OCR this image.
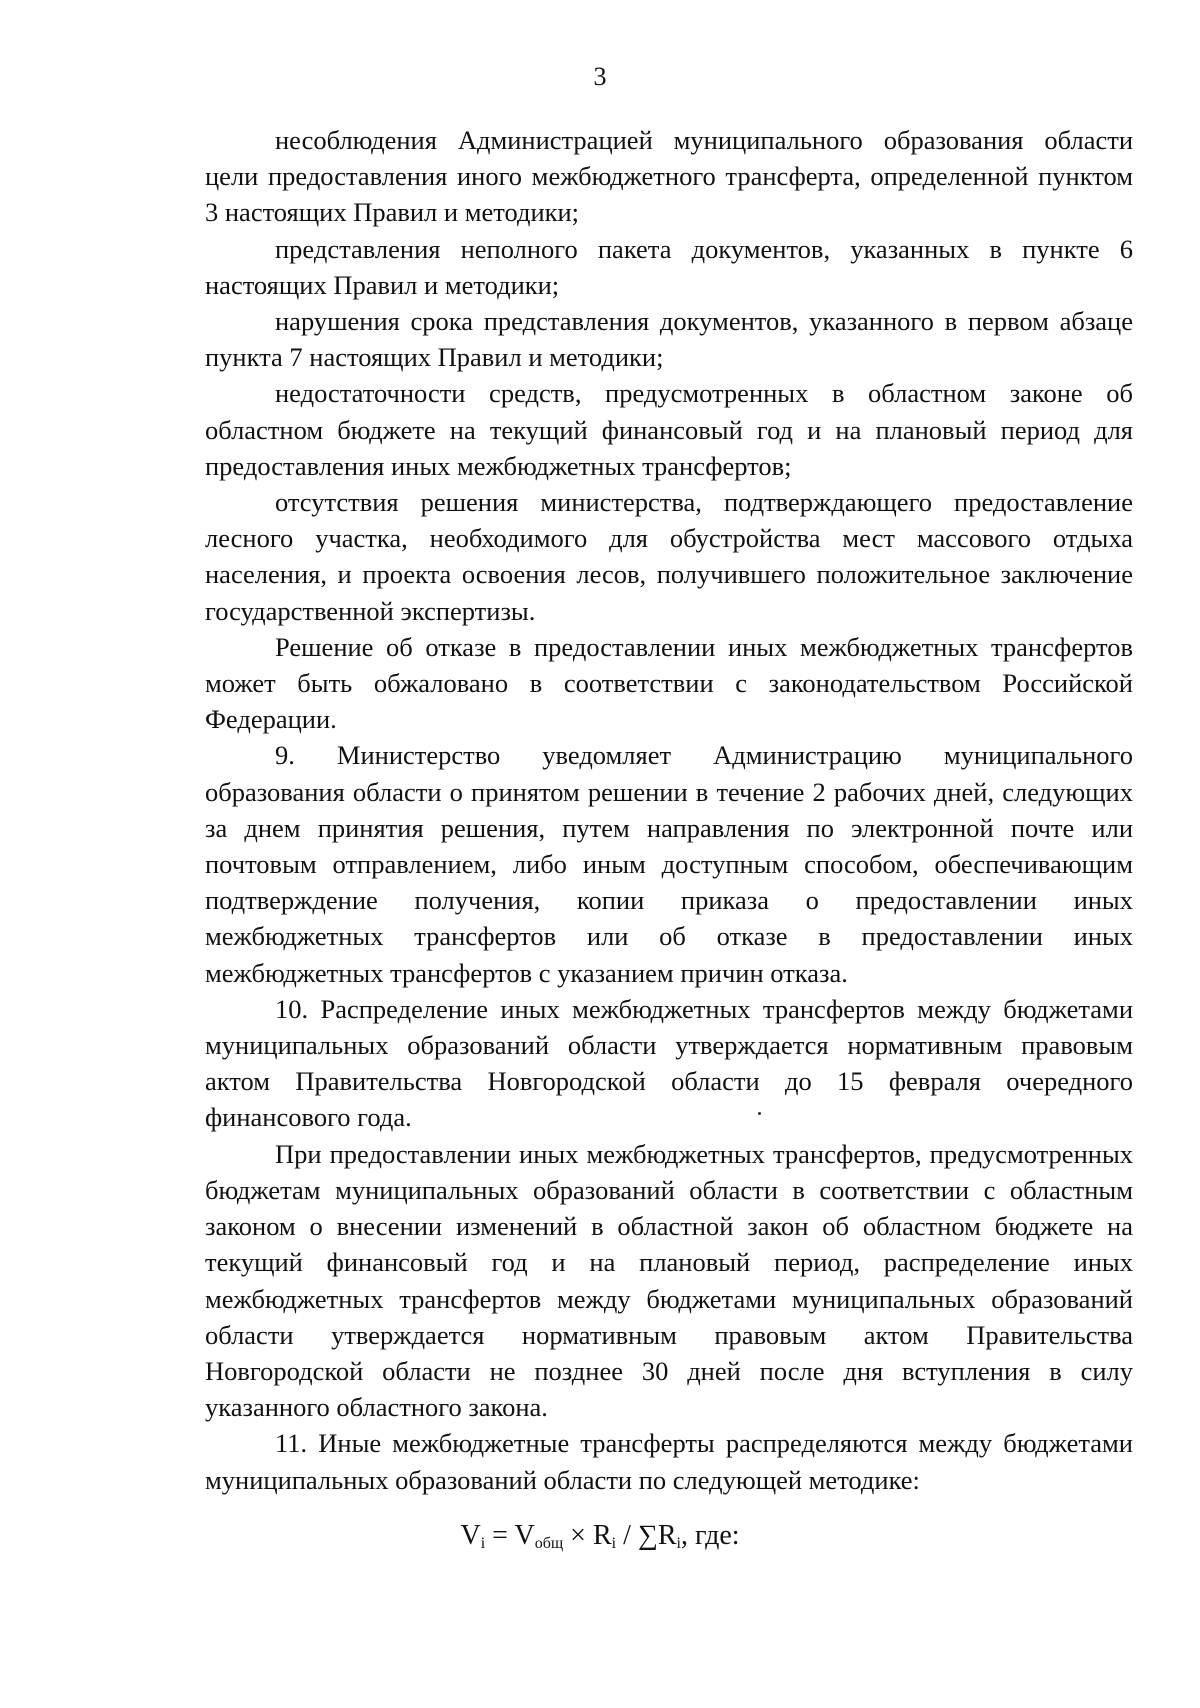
3

несоблюдения Администрацией муниципального образования области цели предоставления иного межбюджетного трансферта, определенной пунктом 3 настоящих Правил и методики;

представления неполного пакета документов, указанных в пункте 6 настоящих Правил и методики;

нарушения срока представления документов, указанного в первом абзаце пункта 7 настоящих Правил и методики;

недостаточности средств, предусмотренных в областном законе об областном бюджете на текущий финансовый год и на плановый период для предоставления иных межбюджетных трансфертов;

отсутствия решения министерства, подтверждающего предоставление лесного участка, необходимого для обустройства мест массового отдыха населения, и проекта освоения лесов, получившего положительное заключение государственной экспертизы.

Решение об отказе в предоставлении иных межбюджетных трансфертов может быть обжаловано в соответствии с законодательством Российской Федерации.

9. Министерство уведомляет Администрацию муниципального образования области о принятом решении в течение 2 рабочих дней, следующих за днем принятия решения, путем направления по электронной почте или почтовым отправлением, либо иным доступным способом, обеспечивающим подтверждение получения, копии приказа о предоставлении иных межбюджетных трансфертов или об отказе в предоставлении иных межбюджетных трансфертов с указанием причин отказа.

10. Распределение иных межбюджетных трансфертов между бюджетами муниципальных образований области утверждается нормативным правовым актом Правительства Новгородской области до 15 февраля очередного финансового года.

При предоставлении иных межбюджетных трансфертов, предусмотренных бюджетам муниципальных образований области в соответствии с областным законом о внесении изменений в областной закон об областном бюджете на текущий финансовый год и на плановый период, распределение иных межбюджетных трансфертов между бюджетами муниципальных образований области утверждается нормативным правовым актом Правительства Новгородской области не позднее 30 дней после дня вступления в силу указанного областного закона.

11. Иные межбюджетные трансферты распределяются между бюджетами муниципальных образований области по следующей методике:

$V_i = V_{общ} \times R_i / \sum R_i$, где:
